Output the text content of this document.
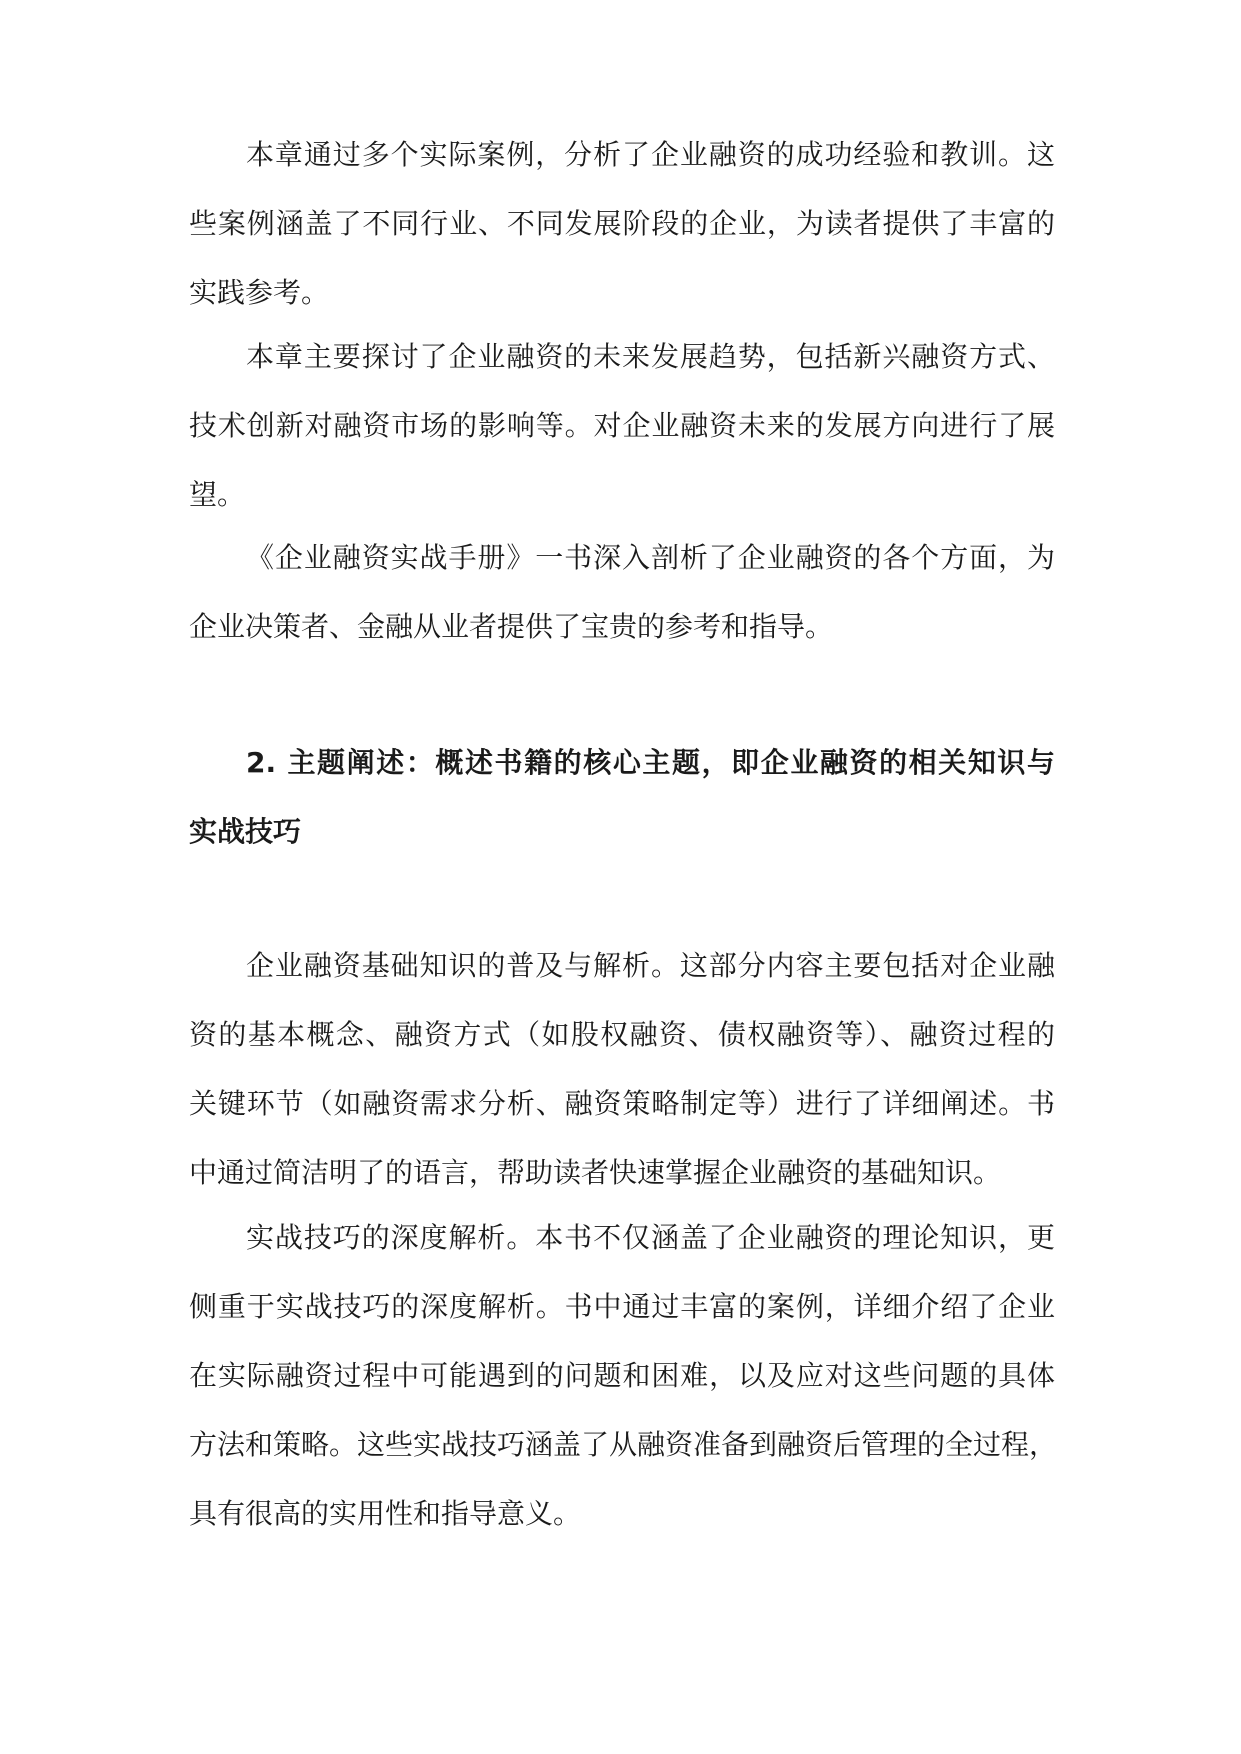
本章通过多个实际案例，分析了企业融资的成功经验和教训。这
些案例涵盖了不同行业、不同发展阶段的企业，为读者提供了丰富的
实践参考。
本章主要探讨了企业融资的未来发展趋势，包括新兴融资方式、
技术创新对融资市场的影响等。对企业融资未来的发展方向进行了展
望。
《企业融资实战手册》一书深入剖析了企业融资的各个方面，为
企业决策者、金融从业者提供了宝贵的参考和指导。
2. 主题阐述：概述书籍的核心主题，即企业融资的相关知识与
实战技巧
企业融资基础知识的普及与解析。这部分内容主要包括对企业融
资的基本概念、融资方式（如股权融资、债权融资等）、融资过程的
关键环节（如融资需求分析、融资策略制定等）进行了详细阐述。书
中通过简洁明了的语言，帮助读者快速掌握企业融资的基础知识。
实战技巧的深度解析。本书不仅涵盖了企业融资的理论知识，更
侧重于实战技巧的深度解析。书中通过丰富的案例，详细介绍了企业
在实际融资过程中可能遇到的问题和困难，以及应对这些问题的具体
方法和策略。这些实战技巧涵盖了从融资准备到融资后管理的全过程，
具有很高的实用性和指导意义。
